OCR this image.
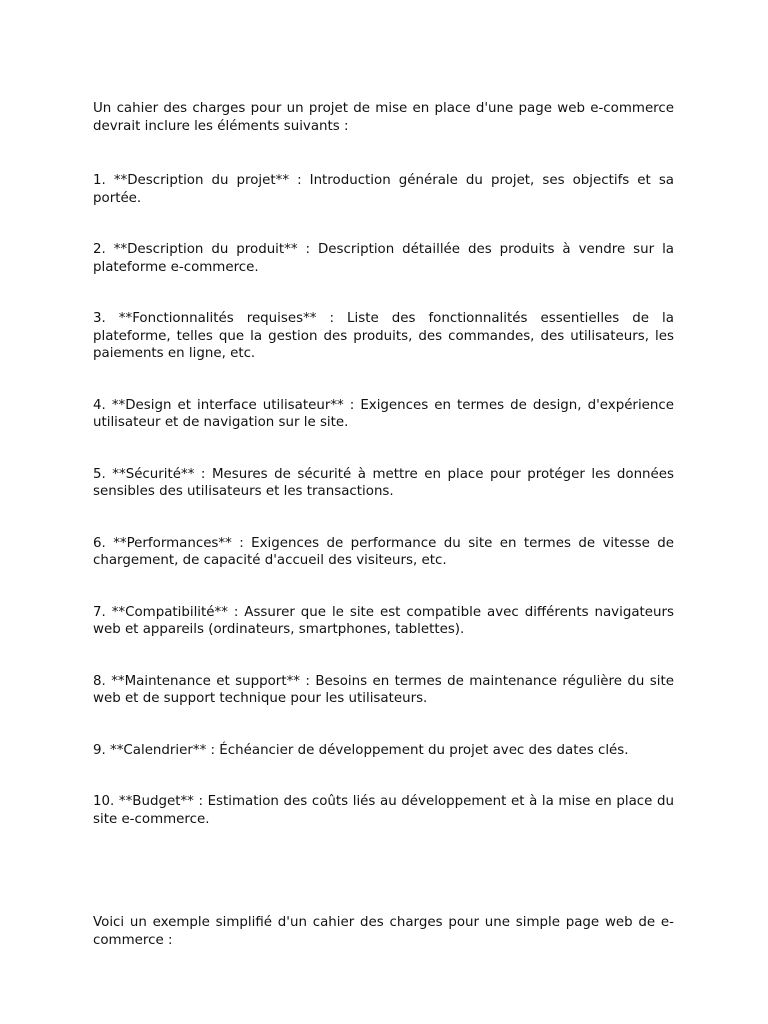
Un cahier des charges pour un projet de mise en place d'une page web e-commerce devrait inclure les éléments suivants :

1. **Description du projet** : Introduction générale du projet, ses objectifs et sa portée.

2. **Description du produit** : Description détaillée des produits à vendre sur la plateforme e-commerce.

3. **Fonctionnalités requises** : Liste des fonctionnalités essentielles de la plateforme, telles que la gestion des produits, des commandes, des utilisateurs, les paiements en ligne, etc.

4. **Design et interface utilisateur** : Exigences en termes de design, d'expérience utilisateur et de navigation sur le site.

5. **Sécurité** : Mesures de sécurité à mettre en place pour protéger les données sensibles des utilisateurs et les transactions.

6. **Performances** : Exigences de performance du site en termes de vitesse de chargement, de capacité d'accueil des visiteurs, etc.

7. **Compatibilité** : Assurer que le site est compatible avec différents navigateurs web et appareils (ordinateurs, smartphones, tablettes).

8. **Maintenance et support** : Besoins en termes de maintenance régulière du site web et de support technique pour les utilisateurs.

9. **Calendrier** : Échéancier de développement du projet avec des dates clés.

10. **Budget** : Estimation des coûts liés au développement et à la mise en place du site e-commerce.

Voici un exemple simplifié d'un cahier des charges pour une simple page web de e-commerce :
